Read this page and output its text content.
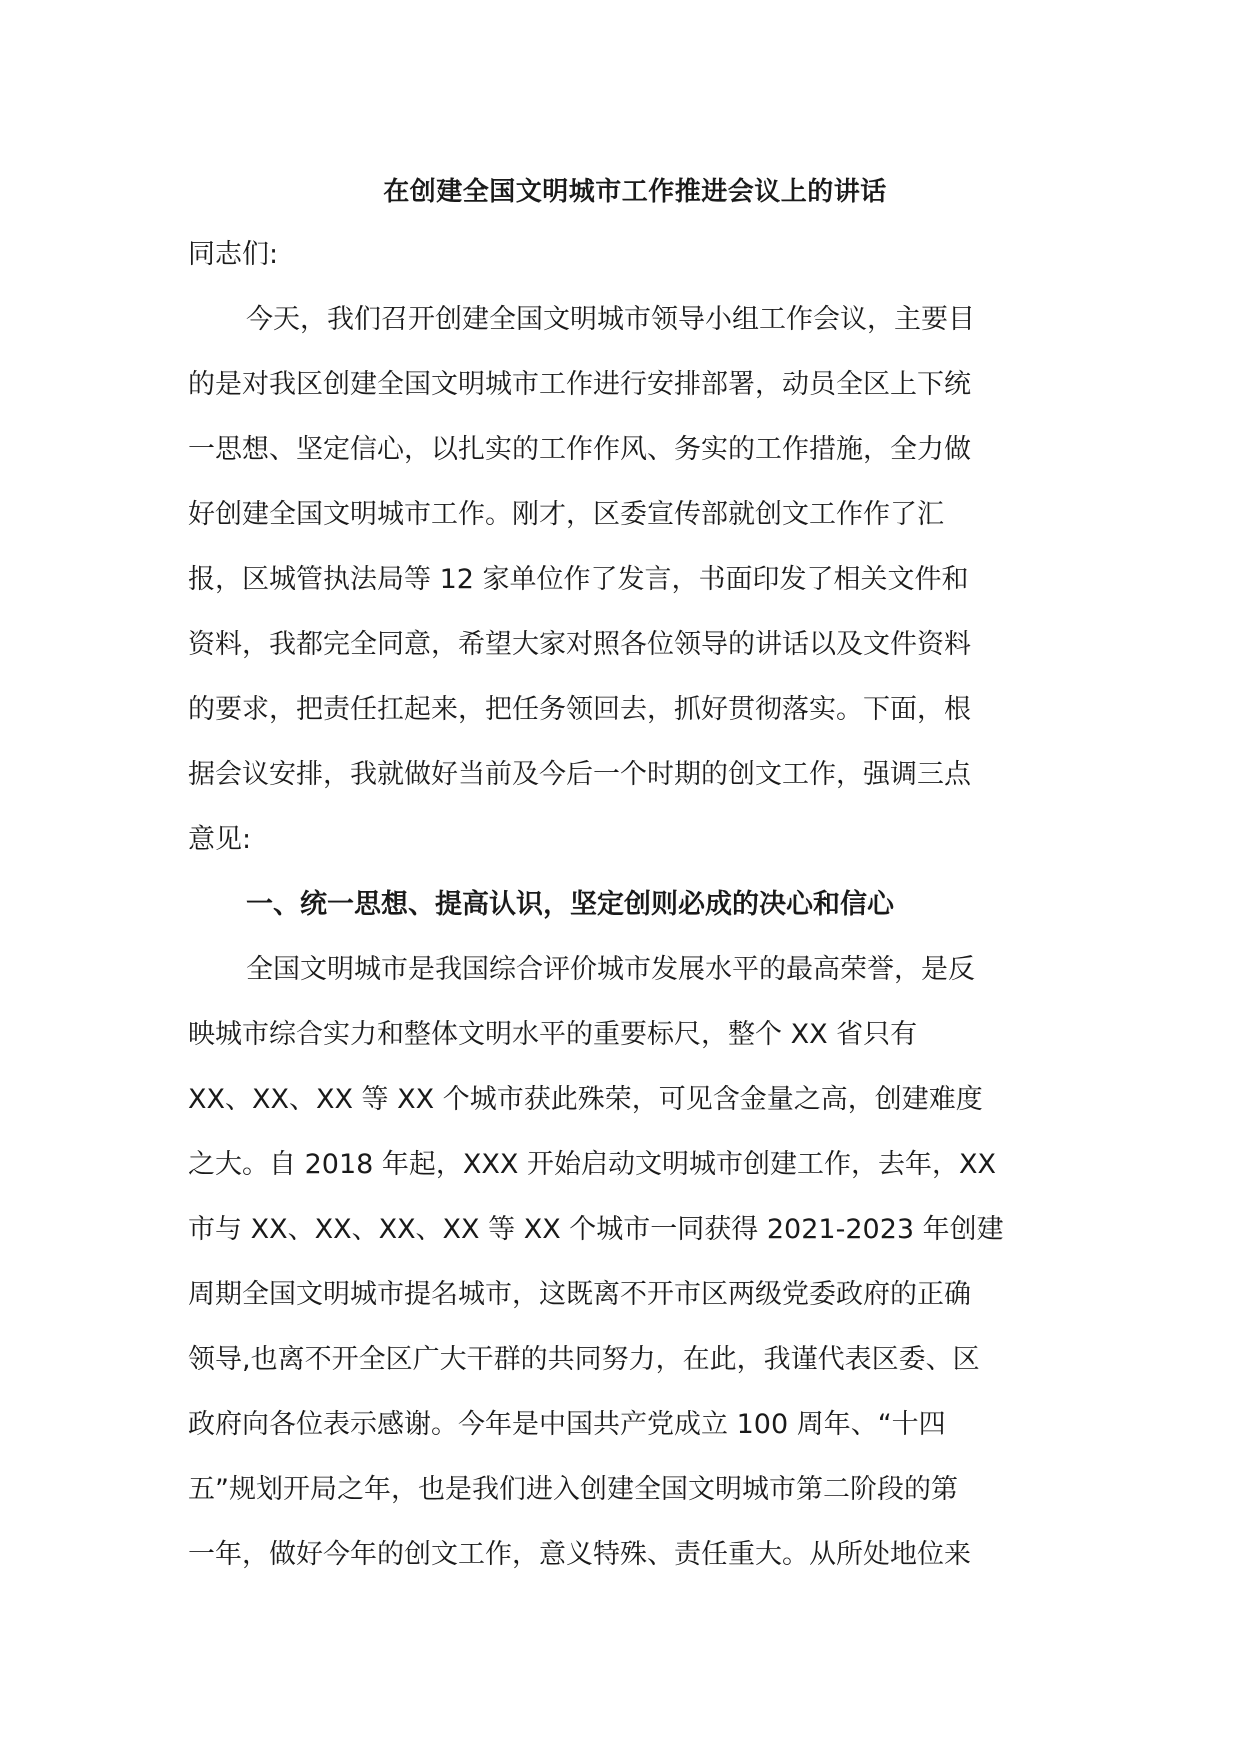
在创建全国文明城市工作推进会议上的讲话
同志们:
今天，我们召开创建全国文明城市领导小组工作会议，主要目
的是对我区创建全国文明城市工作进行安排部署，动员全区上下统
一思想、坚定信心，以扎实的工作作风、务实的工作措施，全力做
好创建全国文明城市工作。刚才，区委宣传部就创文工作作了汇
报，区城管执法局等 12 家单位作了发言，书面印发了相关文件和
资料，我都完全同意，希望大家对照各位领导的讲话以及文件资料
的要求，把责任扛起来，把任务领回去，抓好贯彻落实。下面，根
据会议安排，我就做好当前及今后一个时期的创文工作，强调三点
意见:
一、统一思想、提高认识，坚定创则必成的决心和信心
全国文明城市是我国综合评价城市发展水平的最高荣誉，是反
映城市综合实力和整体文明水平的重要标尺，整个 XX 省只有
XX、XX、XX 等 XX 个城市获此殊荣，可见含金量之高，创建难度
之大。自 2018 年起，XXX 开始启动文明城市创建工作，去年，XX
市与 XX、XX、XX、XX 等 XX 个城市一同获得 2021-2023 年创建
周期全国文明城市提名城市，这既离不开市区两级党委政府的正确
领导,也离不开全区广大干群的共同努力，在此，我谨代表区委、区
政府向各位表示感谢。今年是中国共产党成立 100 周年、“十四
五”规划开局之年，也是我们进入创建全国文明城市第二阶段的第
一年，做好今年的创文工作，意义特殊、责任重大。从所处地位来
